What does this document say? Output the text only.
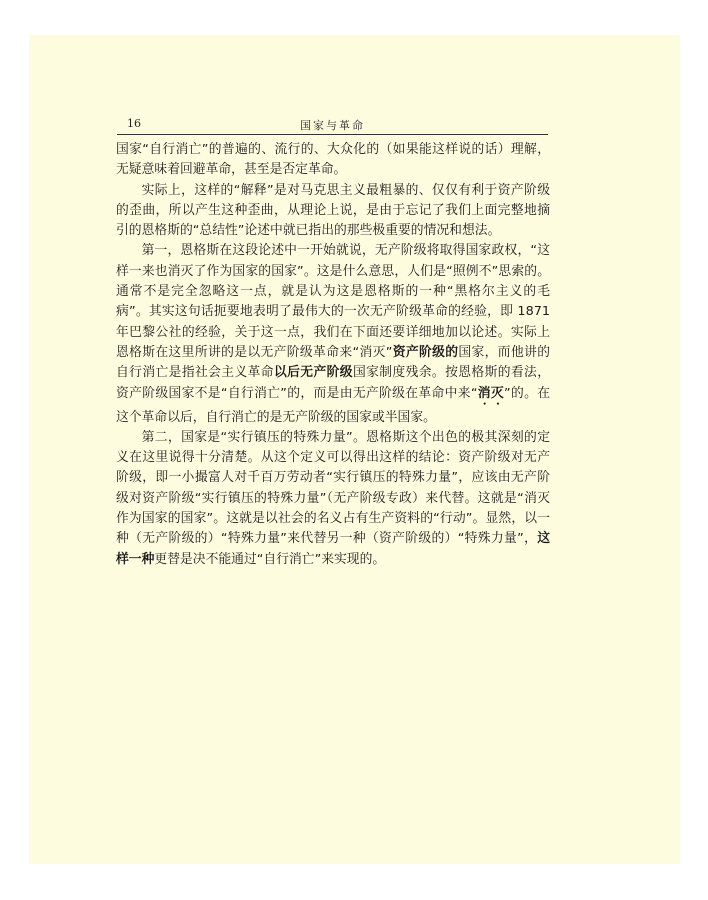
16	国家与革命

国家“自行消亡”的普遍的、流行的、大众化的（如果能这样说的话）理解，无疑意味着回避革命，甚至是否定革命。

实际上，这样的“解释”是对马克思主义最粗暴的、仅仅有利于资产阶级的歪曲，所以产生这种歪曲，从理论上说，是由于忘记了我们上面完整地摘引的恩格斯的“总结性”论述中就已指出的那些极重要的情况和想法。

第一，恩格斯在这段论述中一开始就说，无产阶级将取得国家政权，“这样一来也消灭了作为国家的国家”。这是什么意思，人们是“照例不”思索的。通常不是完全忽略这一点，就是认为这是恩格斯的一种“黑格尔主义的毛病”。其实这句话扼要地表明了最伟大的一次无产阶级革命的经验，即 1871 年巴黎公社的经验，关于这一点，我们在下面还要详细地加以论述。实际上恩格斯在这里所讲的是以无产阶级革命来“消灭”资产阶级的国家，而他讲的自行消亡是指社会主义革命以后无产阶级国家制度残余。按恩格斯的看法，资产阶级国家不是“自行消亡”的，而是由无产阶级在革命中来“消灭”的。在这个革命以后，自行消亡的是无产阶级的国家或半国家。

第二，国家是“实行镇压的特殊力量”。恩格斯这个出色的极其深刻的定义在这里说得十分清楚。从这个定义可以得出这样的结论：资产阶级对无产阶级，即一小撮富人对千百万劳动者“实行镇压的特殊力量”，应该由无产阶级对资产阶级“实行镇压的特殊力量”（无产阶级专政）来代替。这就是“消灭作为国家的国家”。这就是以社会的名义占有生产资料的“行动”。显然，以一种（无产阶级的）“特殊力量”来代替另一种（资产阶级的）“特殊力量”，这样一种更替是决不能通过“自行消亡”来实现的。
